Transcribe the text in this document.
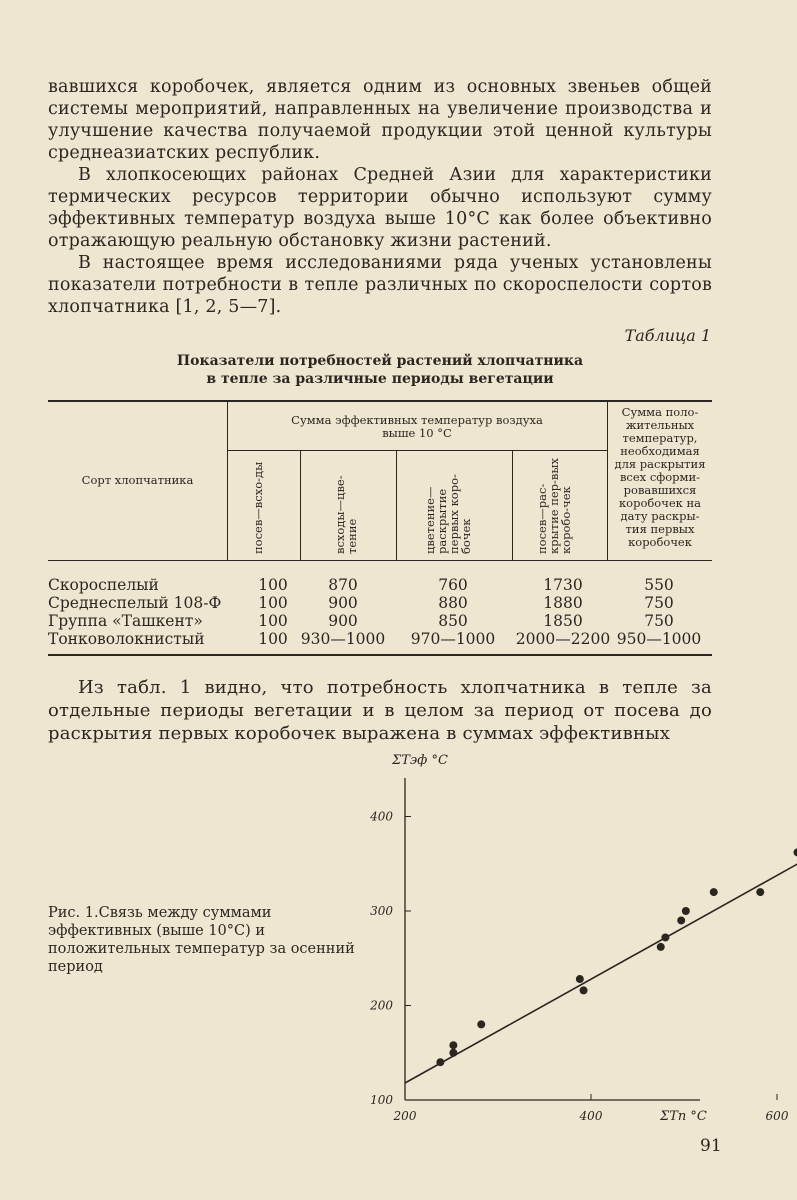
вавшихся коробочек, является одним из основных звеньев общей системы мероприятий, направленных на увеличение производства и улучшение качества получаемой продукции этой ценной культуры среднеазиатских республик.
В хлопкосеющих районах Средней Азии для характеристики термических ресурсов территории обычно используют сумму эффективных температур воздуха выше 10°С как более объективно отражающую реальную обстановку жизни растений.
В настоящее время исследованиями ряда ученых установлены показатели потребности в тепле различных по скороспелости сортов хлопчатника [1, 2, 5—7].
Таблица 1
Показатели потребностей растений хлопчатника
в тепле за различные периоды вегетации
Сорт хлопчатника
Сумма эффективных температур воздуха
выше 10 °С
посев—всхо-ды	всходы—цве-тение	цветение—раскрытие первых коро-бочек	посев—рас-крытие пер-вых коробо-чек
Сумма поло-жительных температур, необходимая для раскрытия всех сформи-ровавшихся коробочек на дату раскры-тия первых коробочек
Скороспелый	100	870	760	1730	550
Среднеспелый 108-Ф	100	900	880	1880	750
Группа «Ташкент»	100	900	850	1850	750
Тонковолокнистый	100 930—1000	970—1000	2000—2200 950—1000
Из табл. 1 видно, что потребность хлопчатника в тепле за отдельные периоды вегетации и в целом за период от посева до раскрытия первых коробочек выражена в суммах эффективных
Рис. 1.Связь между суммами эффективных (выше 10°С) и положительных температур за осенний период
200	400	600
100
200
300
400
ΣTэф °С
ΣTп °С
91
